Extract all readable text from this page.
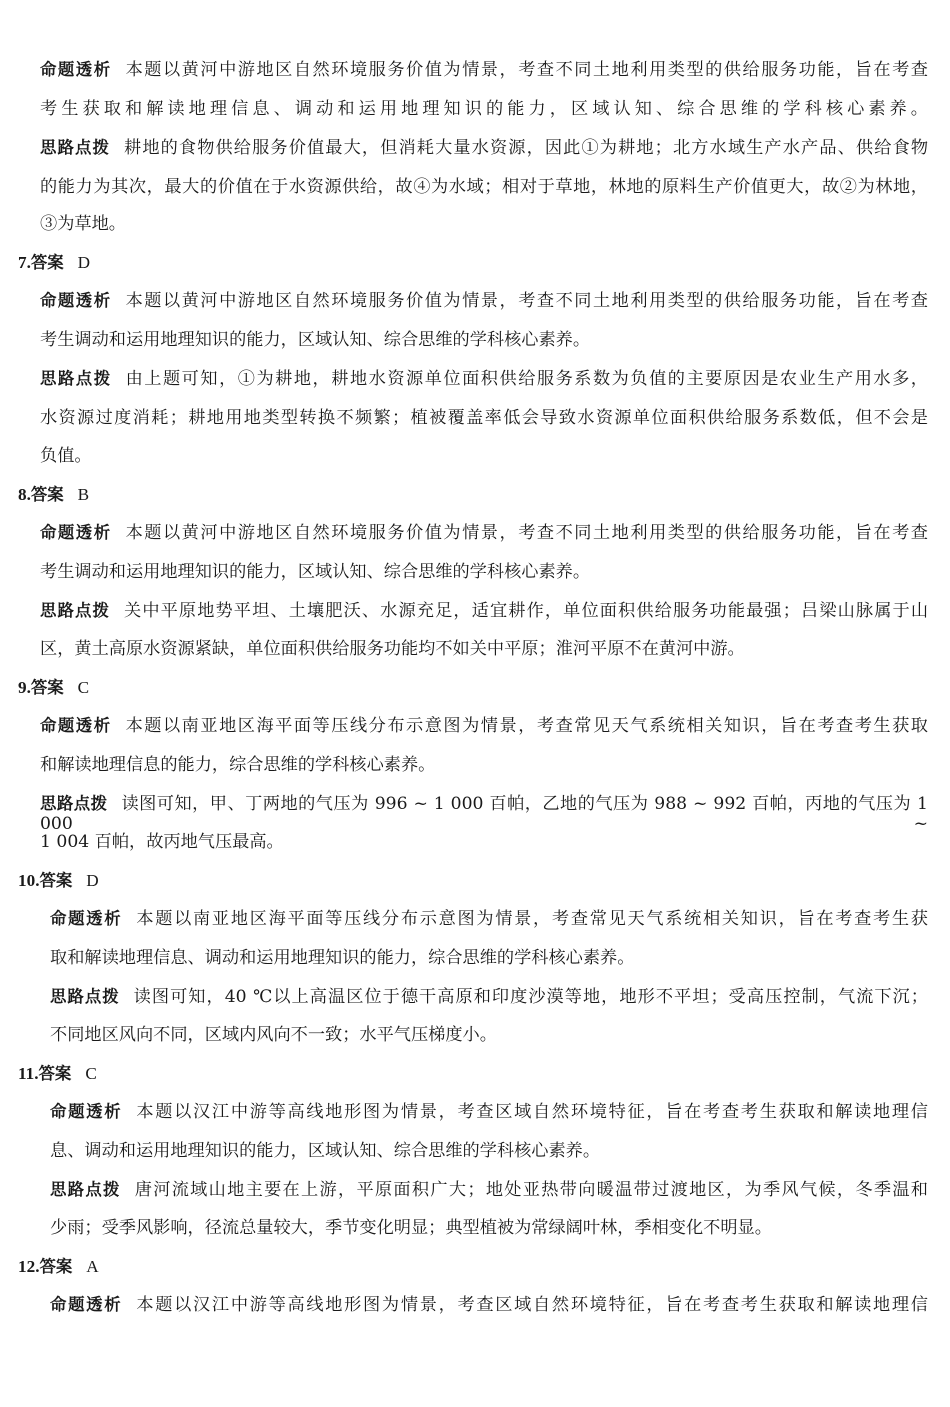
命题透析 本题以黄河中游地区自然环境服务价值为情景，考查不同土地利用类型的供给服务功能，旨在考查
考生获取和解读地理信息、调动和运用地理知识的能力，区域认知、综合思维的学科核心素养。
思路点拨 耕地的食物供给服务价值最大，但消耗大量水资源，因此①为耕地；北方水域生产水产品、供给食物
的能力为其次，最大的价值在于水资源供给，故④为水域；相对于草地，林地的原料生产价值更大，故②为林地，
③为草地。
7.答案 D
命题透析 本题以黄河中游地区自然环境服务价值为情景，考查不同土地利用类型的供给服务功能，旨在考查
考生调动和运用地理知识的能力，区域认知、综合思维的学科核心素养。
思路点拨 由上题可知，①为耕地，耕地水资源单位面积供给服务系数为负值的主要原因是农业生产用水多，
水资源过度消耗；耕地用地类型转换不频繁；植被覆盖率低会导致水资源单位面积供给服务系数低，但不会是
负值。
8.答案 B
命题透析 本题以黄河中游地区自然环境服务价值为情景，考查不同土地利用类型的供给服务功能，旨在考查
考生调动和运用地理知识的能力，区域认知、综合思维的学科核心素养。
思路点拨 关中平原地势平坦、土壤肥沃、水源充足，适宜耕作，单位面积供给服务功能最强；吕梁山脉属于山
区，黄土高原水资源紧缺，单位面积供给服务功能均不如关中平原；淮河平原不在黄河中游。
9.答案 C
命题透析 本题以南亚地区海平面等压线分布示意图为情景，考查常见天气系统相关知识，旨在考查考生获取
和解读地理信息的能力，综合思维的学科核心素养。
思路点拨 读图可知，甲、丁两地的气压为 996 ~ 1 000 百帕，乙地的气压为 988 ~ 992 百帕，丙地的气压为 1 000 ~
1 004 百帕，故丙地气压最高。
10.答案 D
命题透析 本题以南亚地区海平面等压线分布示意图为情景，考查常见天气系统相关知识，旨在考查考生获
取和解读地理信息、调动和运用地理知识的能力，综合思维的学科核心素养。
思路点拨 读图可知，40 ℃以上高温区位于德干高原和印度沙漠等地，地形不平坦；受高压控制，气流下沉；
不同地区风向不同，区域内风向不一致；水平气压梯度小。
11.答案 C
命题透析 本题以汉江中游等高线地形图为情景，考查区域自然环境特征，旨在考查考生获取和解读地理信
息、调动和运用地理知识的能力，区域认知、综合思维的学科核心素养。
思路点拨 唐河流域山地主要在上游，平原面积广大；地处亚热带向暖温带过渡地区，为季风气候，冬季温和
少雨；受季风影响，径流总量较大，季节变化明显；典型植被为常绿阔叶林，季相变化不明显。
12.答案 A
命题透析 本题以汉江中游等高线地形图为情景，考查区域自然环境特征，旨在考查考生获取和解读地理信
